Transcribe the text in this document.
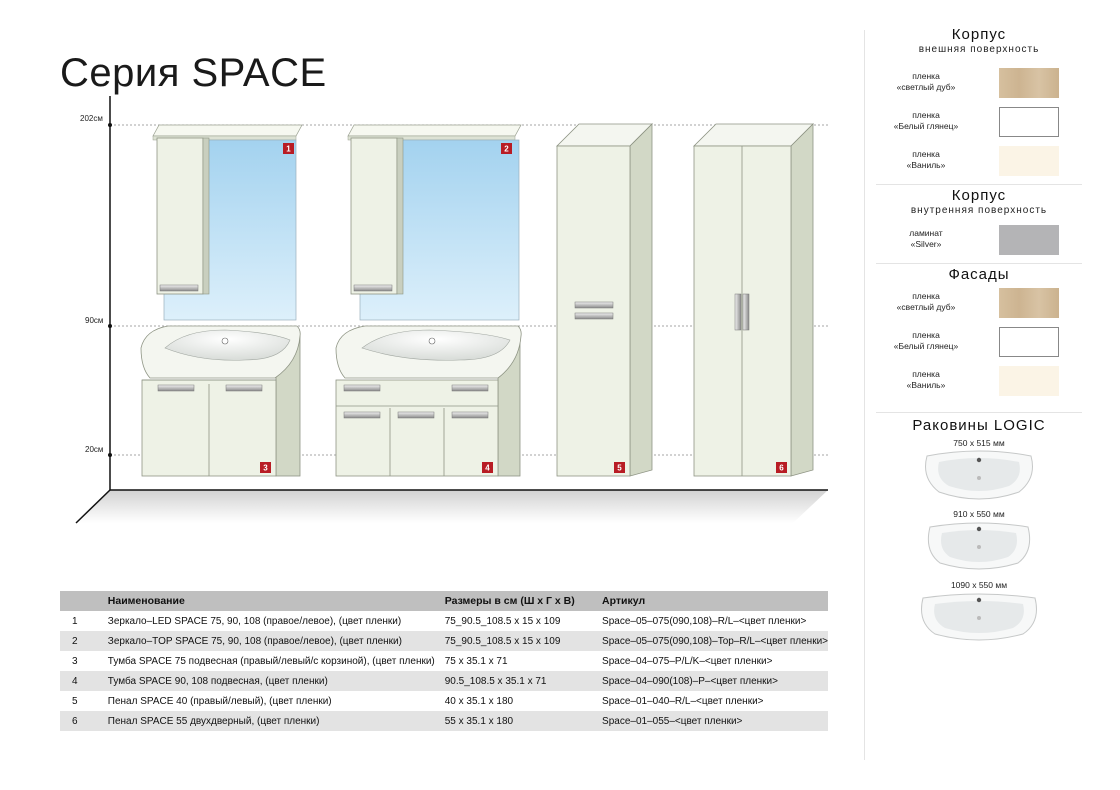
Серия SPACE
202см
90см
20см
1	2
3	4	5	6
	Наименование	Размеры в см (Ш х Г х В)	Артикул
1	Зеркало–LED SPACE 75, 90, 108 (правое/левое), (цвет пленки)	75_90.5_108.5 x 15 x 109	Space–05–075(090,108)–R/L–<цвет пленки>
2	Зеркало–TOP SPACE 75, 90, 108 (правое/левое), (цвет пленки)	75_90.5_108.5 x 15 x 109	Space–05–075(090,108)–Top–R/L–<цвет пленки>
3	Тумба SPACE 75 подвесная (правый/левый/с корзиной), (цвет пленки)	75 x 35.1 x 71	Space–04–075–P/L/K–<цвет пленки>
4	Тумба SPACE 90, 108 подвесная, (цвет пленки)	90.5_108.5 x 35.1 x 71	Space–04–090(108)–P–<цвет пленки>
5	Пенал SPACE 40 (правый/левый), (цвет пленки)	40 x 35.1 x 180	Space–01–040–R/L–<цвет пленки>
6	Пенал SPACE 55 двухдверный, (цвет пленки)	55 x 35.1 x 180	Space–01–055–<цвет пленки>
Корпус
внешняя поверхность
пленка
«светлый дуб»
пленка
«Белый глянец»
пленка
«Ваниль»
Корпус
внутренняя поверхность
ламинат
«Silver»
Фасады
пленка
«светлый дуб»
пленка
«Белый глянец»
пленка
«Ваниль»
Раковины LOGIC
750 x 515 мм
910 x 550 мм
1090 x 550 мм
